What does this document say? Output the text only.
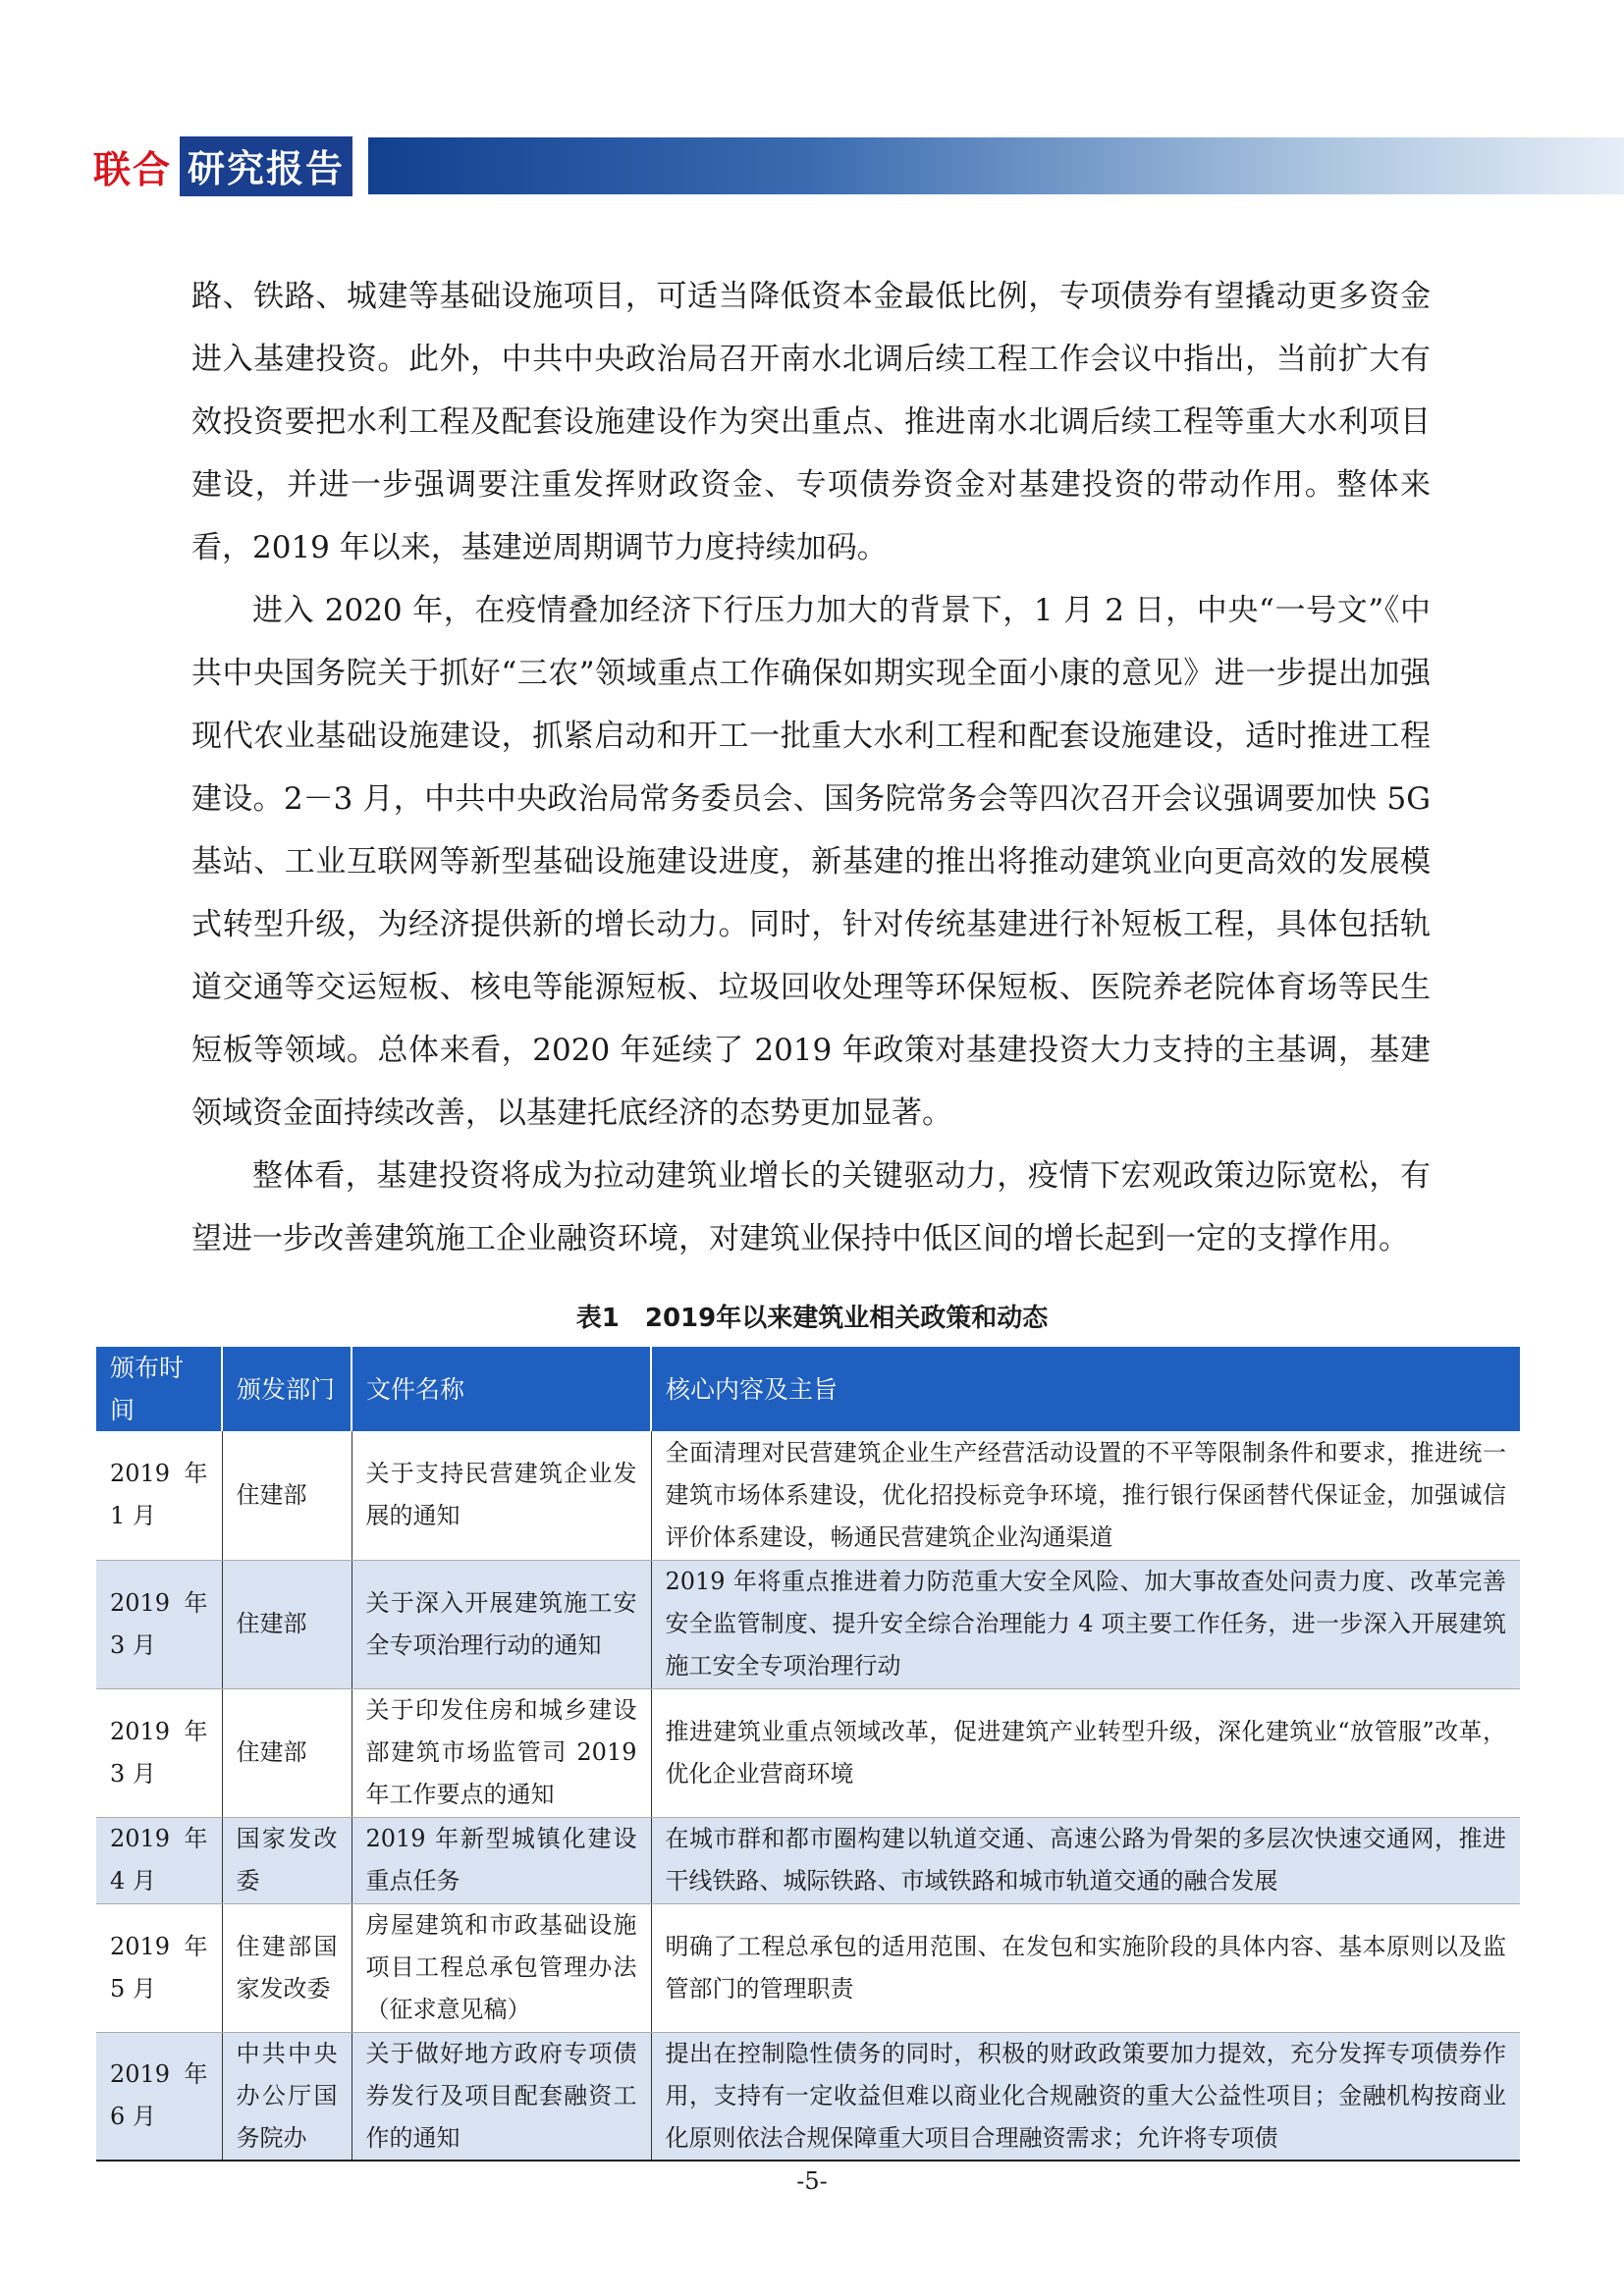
联合 研究报告

路、铁路、城建等基础设施项目，可适当降低资本金最低比例，专项债券有望撬动更多资金进入基建投资。此外，中共中央政治局召开南水北调后续工程工作会议中指出，当前扩大有效投资要把水利工程及配套设施建设作为突出重点、推进南水北调后续工程等重大水利项目建设，并进一步强调要注重发挥财政资金、专项债券资金对基建投资的带动作用。整体来看，2019 年以来，基建逆周期调节力度持续加码。

进入 2020 年，在疫情叠加经济下行压力加大的背景下，1 月 2 日，中央“一号文”《中共中央国务院关于抓好“三农”领域重点工作确保如期实现全面小康的意见》进一步提出加强现代农业基础设施建设，抓紧启动和开工一批重大水利工程和配套设施建设，适时推进工程建设。2－3 月，中共中央政治局常务委员会、国务院常务会等四次召开会议强调要加快 5G 基站、工业互联网等新型基础设施建设进度，新基建的推出将推动建筑业向更高效的发展模式转型升级，为经济提供新的增长动力。同时，针对传统基建进行补短板工程，具体包括轨道交通等交运短板、核电等能源短板、垃圾回收处理等环保短板、医院养老院体育场等民生短板等领域。总体来看，2020 年延续了 2019 年政策对基建投资大力支持的主基调，基建领域资金面持续改善，以基建托底经济的态势更加显著。

整体看，基建投资将成为拉动建筑业增长的关键驱动力，疫情下宏观政策边际宽松，有望进一步改善建筑施工企业融资环境，对建筑业保持中低区间的增长起到一定的支撑作用。

表1　2019年以来建筑业相关政策和动态
颁布时间	颁发部门	文件名称	核心内容及主旨
2019 年 1 月	住建部	关于支持民营建筑企业发展的通知	全面清理对民营建筑企业生产经营活动设置的不平等限制条件和要求，推进统一建筑市场体系建设，优化招投标竞争环境，推行银行保函替代保证金，加强诚信评价体系建设，畅通民营建筑企业沟通渠道
2019 年 3 月	住建部	关于深入开展建筑施工安全专项治理行动的通知	2019 年将重点推进着力防范重大安全风险、加大事故查处问责力度、改革完善安全监管制度、提升安全综合治理能力 4 项主要工作任务，进一步深入开展建筑施工安全专项治理行动
2019 年 3 月	住建部	关于印发住房和城乡建设部建筑市场监管司 2019 年工作要点的通知	推进建筑业重点领域改革，促进建筑产业转型升级，深化建筑业“放管服”改革，优化企业营商环境
2019 年 4 月	国家发改委	2019 年新型城镇化建设重点任务	在城市群和都市圈构建以轨道交通、高速公路为骨架的多层次快速交通网，推进干线铁路、城际铁路、市域铁路和城市轨道交通的融合发展
2019 年 5 月	住建部国家发改委	房屋建筑和市政基础设施项目工程总承包管理办法（征求意见稿）	明确了工程总承包的适用范围、在发包和实施阶段的具体内容、基本原则以及监管部门的管理职责
2019 年 6 月	中共中央办公厅国务院办	关于做好地方政府专项债券发行及项目配套融资工作的通知	提出在控制隐性债务的同时，积极的财政政策要加力提效，充分发挥专项债券作用，支持有一定收益但难以商业化合规融资的重大公益性项目；金融机构按商业化原则依法合规保障重大项目合理融资需求；允许将专项债
-5-
